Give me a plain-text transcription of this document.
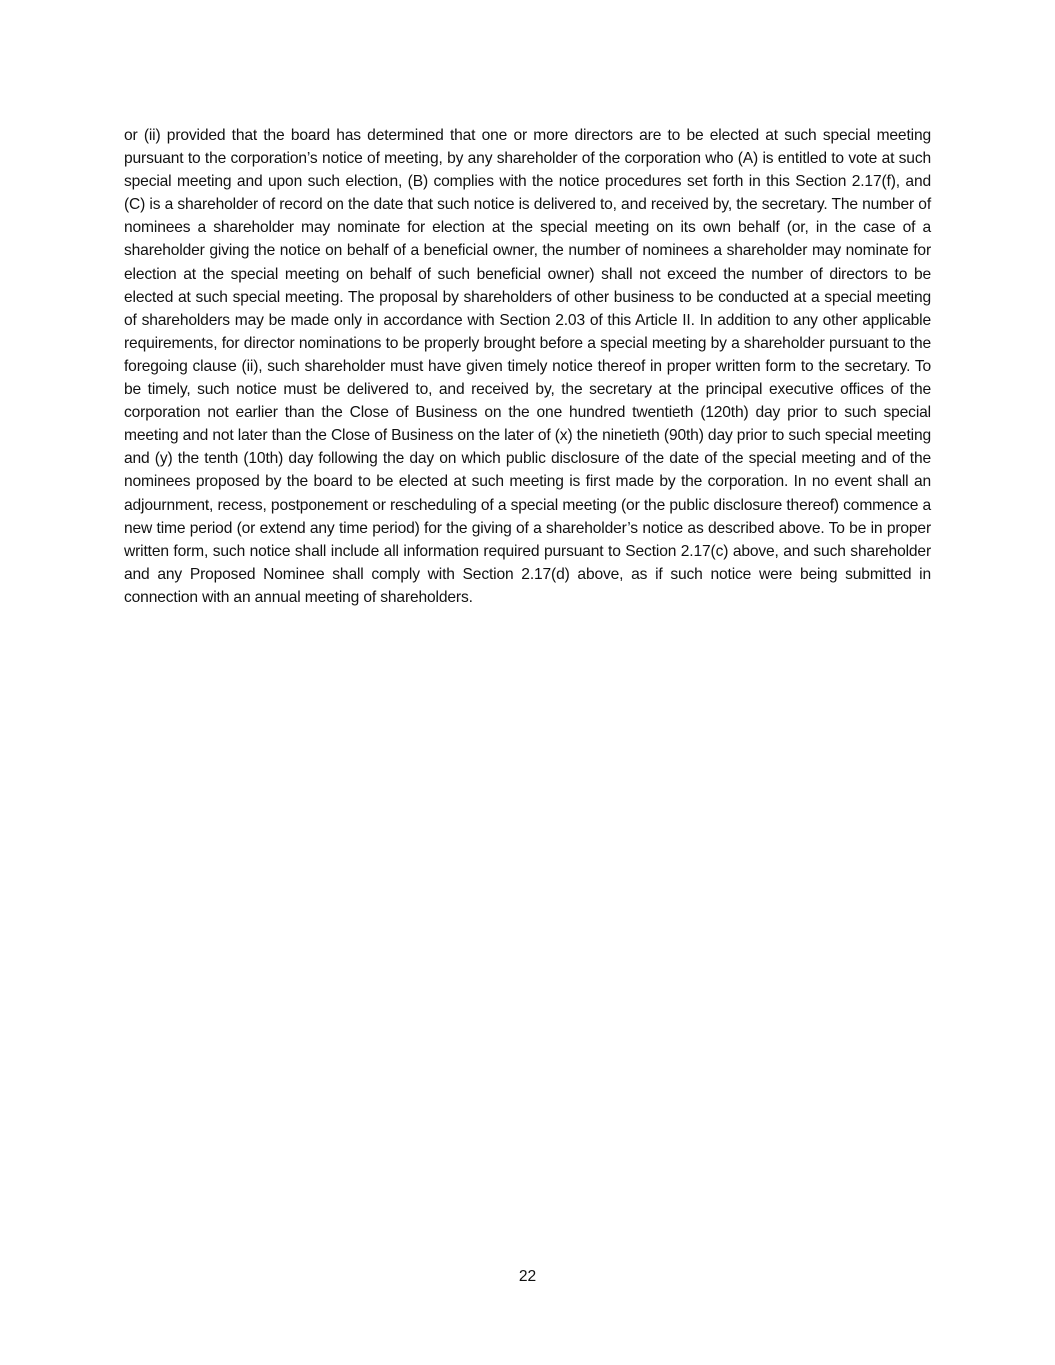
or (ii) provided that the board has determined that one or more directors are to be elected at such special meeting pursuant to the corporation’s notice of meeting, by any shareholder of the corporation who (A) is entitled to vote at such special meeting and upon such election, (B) complies with the notice procedures set forth in this Section 2.17(f), and (C) is a shareholder of record on the date that such notice is delivered to, and received by, the secretary. The number of nominees a shareholder may nominate for election at the special meeting on its own behalf (or, in the case of a shareholder giving the notice on behalf of a beneficial owner, the number of nominees a shareholder may nominate for election at the special meeting on behalf of such beneficial owner) shall not exceed the number of directors to be elected at such special meeting. The proposal by shareholders of other business to be conducted at a special meeting of shareholders may be made only in accordance with Section 2.03 of this Article II. In addition to any other applicable requirements, for director nominations to be properly brought before a special meeting by a shareholder pursuant to the foregoing clause (ii), such shareholder must have given timely notice thereof in proper written form to the secretary. To be timely, such notice must be delivered to, and received by, the secretary at the principal executive offices of the corporation not earlier than the Close of Business on the one hundred twentieth (120th) day prior to such special meeting and not later than the Close of Business on the later of (x) the ninetieth (90th) day prior to such special meeting and (y) the tenth (10th) day following the day on which public disclosure of the date of the special meeting and of the nominees proposed by the board to be elected at such meeting is first made by the corporation. In no event shall an adjournment, recess, postponement or rescheduling of a special meeting (or the public disclosure thereof) commence a new time period (or extend any time period) for the giving of a shareholder’s notice as described above. To be in proper written form, such notice shall include all information required pursuant to Section 2.17(c) above, and such shareholder and any Proposed Nominee shall comply with Section 2.17(d) above, as if such notice were being submitted in connection with an annual meeting of shareholders.

22
